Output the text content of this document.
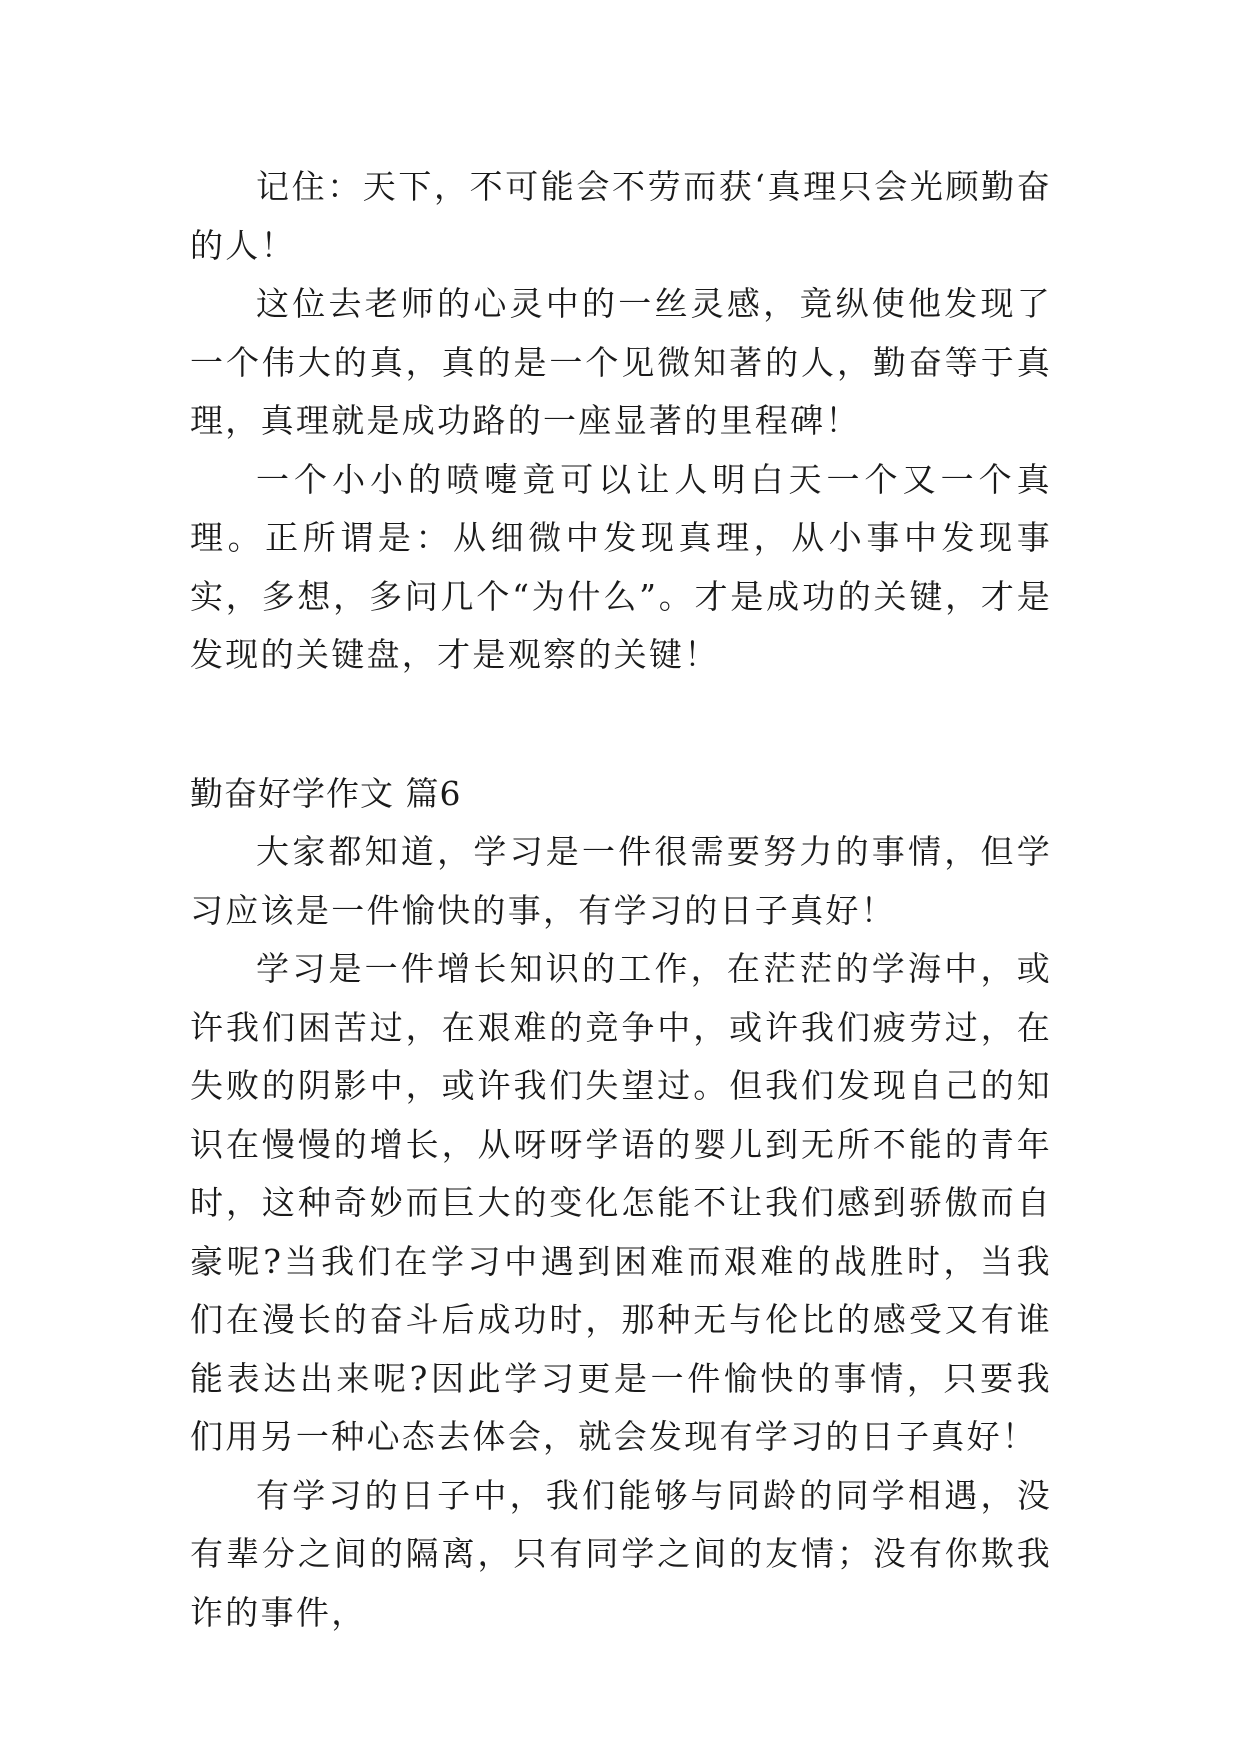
记住：天下，不可能会不劳而获‘真理只会光顾勤奋的人！

这位去老师的心灵中的一丝灵感，竟纵使他发现了一个伟大的真，真的是一个见微知著的人，勤奋等于真理，真理就是成功路的一座显著的里程碑！

一个小小的喷嚏竟可以让人明白天一个又一个真理。正所谓是：从细微中发现真理，从小事中发现事实，多想，多问几个“为什么”。才是成功的关键，才是发现的关键盘，才是观察的关键！

勤奋好学作文 篇6

大家都知道，学习是一件很需要努力的事情，但学习应该是一件愉快的事，有学习的日子真好！

学习是一件增长知识的工作，在茫茫的学海中，或许我们困苦过，在艰难的竞争中，或许我们疲劳过，在失败的阴影中，或许我们失望过。但我们发现自己的知识在慢慢的增长，从呀呀学语的婴儿到无所不能的青年时，这种奇妙而巨大的变化怎能不让我们感到骄傲而自豪呢?当我们在学习中遇到困难而艰难的战胜时，当我们在漫长的奋斗后成功时，那种无与伦比的感受又有谁能表达出来呢?因此学习更是一件愉快的事情，只要我们用另一种心态去体会，就会发现有学习的日子真好！

有学习的日子中，我们能够与同龄的同学相遇，没有辈分之间的隔离，只有同学之间的友情；没有你欺我诈的事件，
